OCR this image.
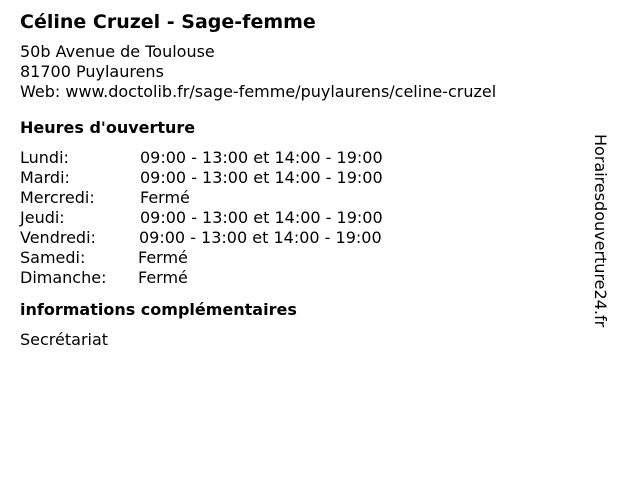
Céline Cruzel - Sage-femme
50b Avenue de Toulouse
81700 Puylaurens
Web: www.doctolib.fr/sage-femme/puylaurens/celine-cruzel
Heures d'ouverture
Lundi:	09:00 - 13:00 et 14:00 - 19:00
Mardi:	09:00 - 13:00 et 14:00 - 19:00
Mercredi:	Fermé
Jeudi:	09:00 - 13:00 et 14:00 - 19:00
Vendredi:	09:00 - 13:00 et 14:00 - 19:00
Samedi:	Fermé
Dimanche:	Fermé
informations complémentaires
Secrétariat
Horairesdouverture24.fr
